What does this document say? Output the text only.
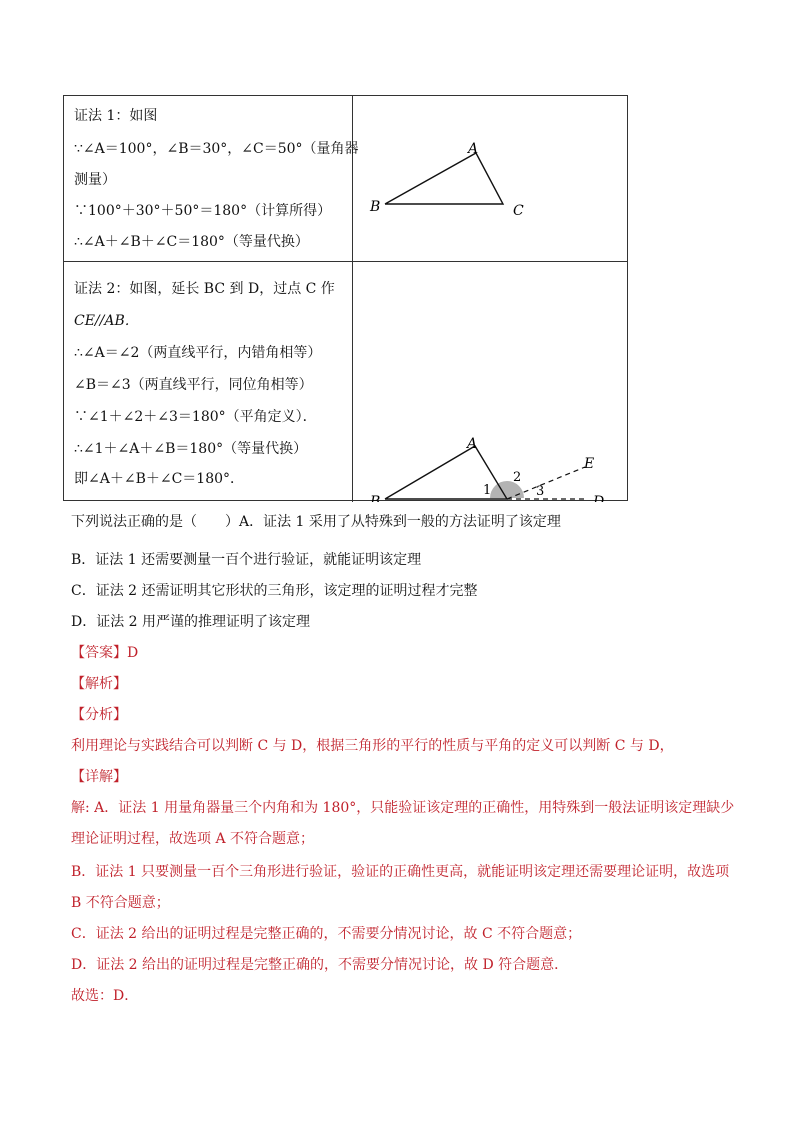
证法 1：如图
∵∠A＝100°，∠B＝30°，∠C＝50°（量角器
测量）
∵100°＋30°＋50°＝180°（计算所得）
∴∠A＋∠B＋∠C＝180°（等量代换）
A
B	C
证法 2：如图，延长 BC 到 D，过点 C 作
CE//AB．
∴∠A＝∠2（两直线平行，内错角相等）
∠B＝∠3（两直线平行，同位角相等）
∵∠1＋∠2＋∠3＝180°（平角定义）．
∴∠1＋∠A＋∠B＝180°（等量代换）
即∠A＋∠B＋∠C＝180°．
A
B	D
E
1
2
3
下列说法正确的是（　　）A．证法 1 采用了从特殊到一般的方法证明了该定理
B．证法 1 还需要测量一百个进行验证，就能证明该定理
C．证法 2 还需证明其它形状的三角形，该定理的证明过程才完整
D．证法 2 用严谨的推理证明了该定理
【答案】D
【解析】
【分析】
利用理论与实践结合可以判断 C 与 D，根据三角形的平行的性质与平角的定义可以判断 C 与 D，
【详解】
解: A．证法 1 用量角器量三个内角和为 180°，只能验证该定理的正确性，用特殊到一般法证明该定理缺少
理论证明过程，故选项 A 不符合题意；
B．证法 1 只要测量一百个三角形进行验证，验证的正确性更高，就能证明该定理还需要理论证明，故选项
B 不符合题意；
C．证法 2 给出的证明过程是完整正确的，不需要分情况讨论，故 C 不符合题意；
D．证法 2 给出的证明过程是完整正确的，不需要分情况讨论，故 D 符合题意．
故选：D．
